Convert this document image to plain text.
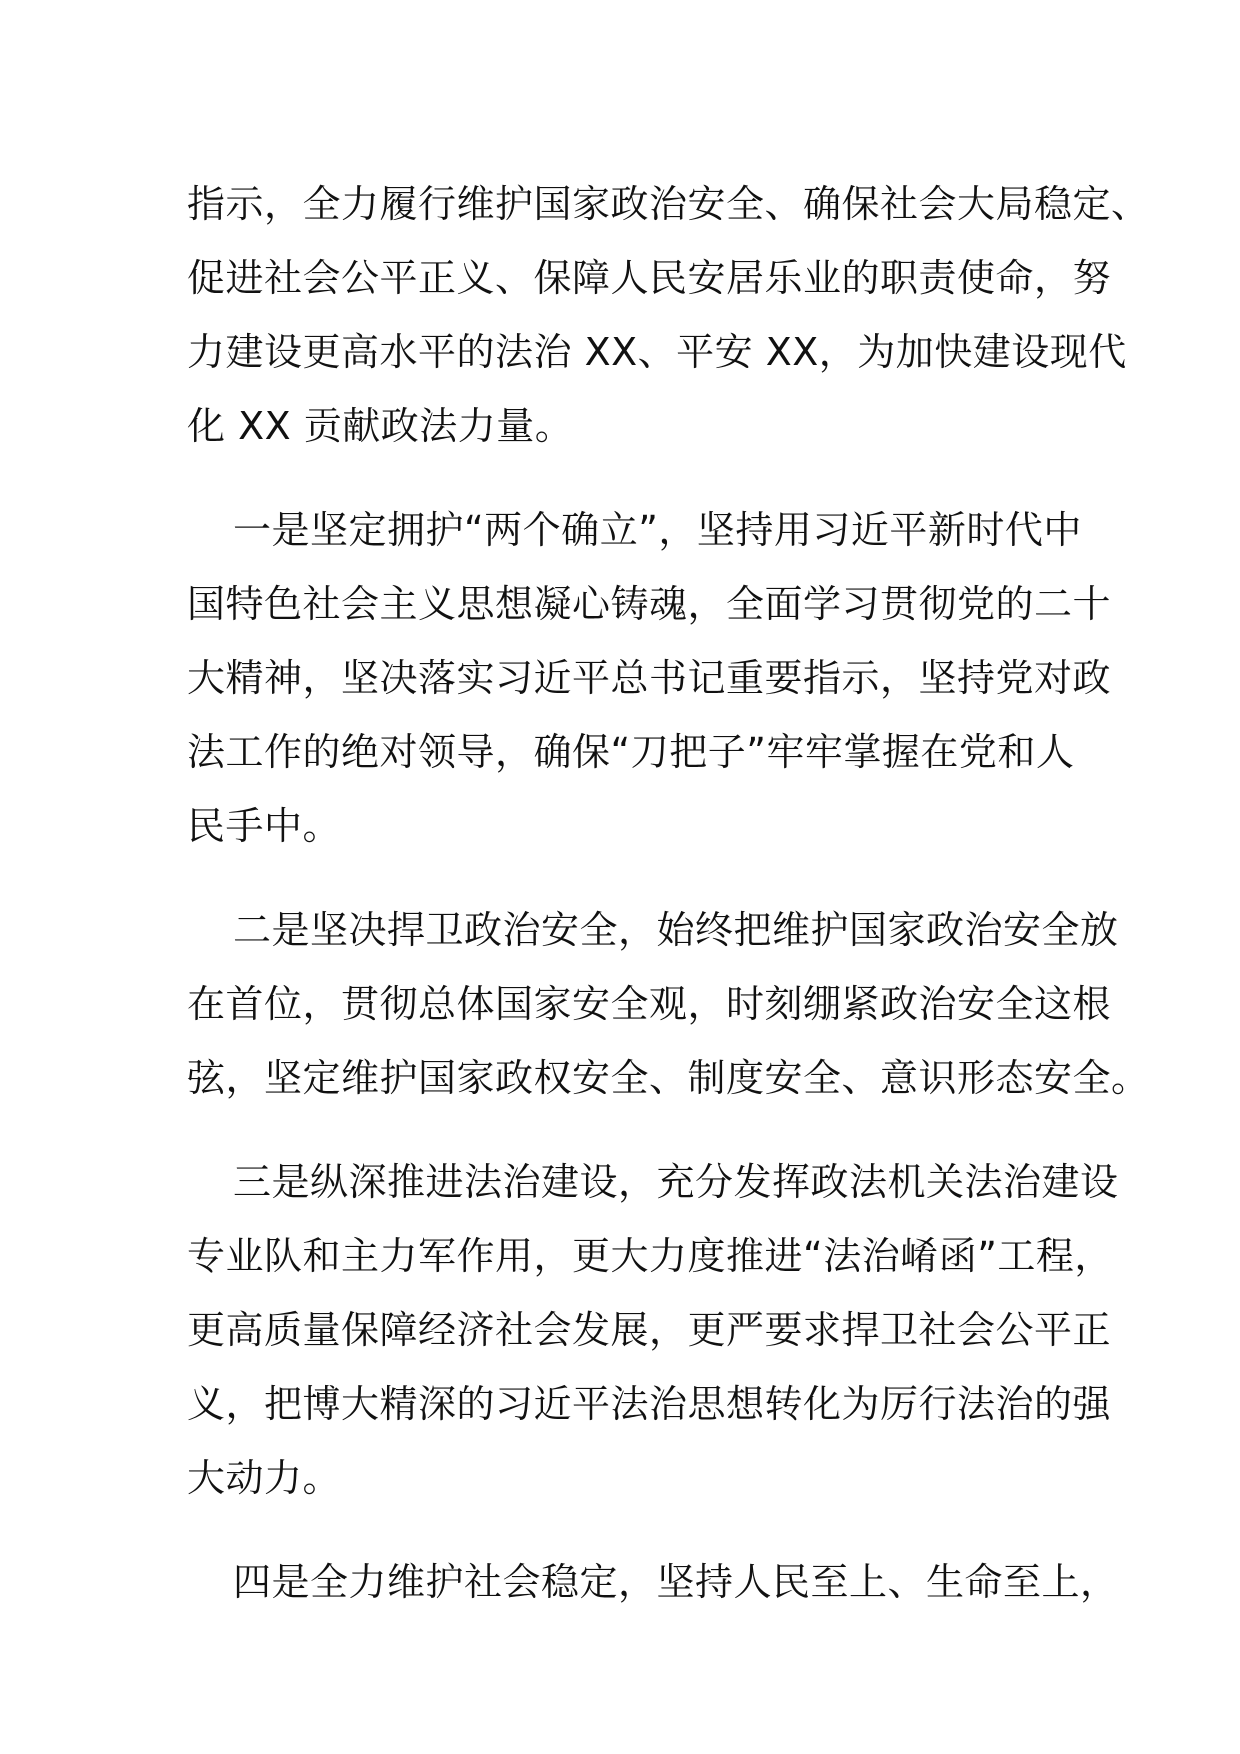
指示，全力履行维护国家政治安全、确保社会大局稳定、
促进社会公平正义、保障人民安居乐业的职责使命，努
力建设更高水平的法治 XX、平安 XX，为加快建设现代
化 XX 贡献政法力量。

一是坚定拥护“两个确立”，坚持用习近平新时代中
国特色社会主义思想凝心铸魂，全面学习贯彻党的二十
大精神，坚决落实习近平总书记重要指示，坚持党对政
法工作的绝对领导，确保“刀把子”牢牢掌握在党和人
民手中。

二是坚决捍卫政治安全，始终把维护国家政治安全放
在首位，贯彻总体国家安全观，时刻绷紧政治安全这根
弦，坚定维护国家政权安全、制度安全、意识形态安全。

三是纵深推进法治建设，充分发挥政法机关法治建设
专业队和主力军作用，更大力度推进“法治崤函”工程，
更高质量保障经济社会发展，更严要求捍卫社会公平正
义，把博大精深的习近平法治思想转化为厉行法治的强
大动力。

四是全力维护社会稳定，坚持人民至上、生命至上，
